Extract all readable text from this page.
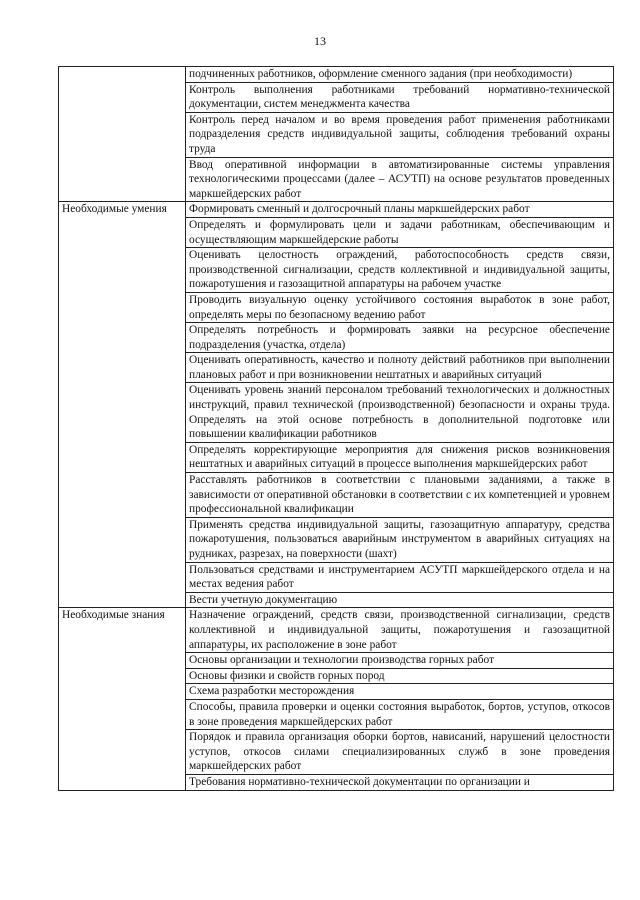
13
	подчиненных работников, оформление сменного задания (при необходимости)
	Контроль выполнения работниками требований нормативно-технической документации, систем менеджмента качества
	Контроль перед началом и во время проведения работ применения работниками подразделения средств индивидуальной защиты, соблюдения требований охраны труда
	Ввод оперативной информации в автоматизированные системы управления технологическими процессами (далее – АСУТП) на основе результатов проведенных маркшейдерских работ
Необходимые умения	Формировать сменный и долгосрочный планы маркшейдерских работ
	Определять и формулировать цели и задачи работникам, обеспечивающим и осуществляющим маркшейдерские работы
	Оценивать целостность ограждений, работоспособность средств связи, производственной сигнализации, средств коллективной и индивидуальной защиты, пожаротушения и газозащитной аппаратуры на рабочем участке
	Проводить визуальную оценку устойчивого состояния выработок в зоне работ, определять меры по безопасному ведению работ
	Определять потребность и формировать заявки на ресурсное обеспечение подразделения (участка, отдела)
	Оценивать оперативность, качество и полноту действий работников при выполнении плановых работ и при возникновении нештатных и аварийных ситуаций
	Оценивать уровень знаний персоналом требований технологических и должностных инструкций, правил технической (производственной) безопасности и охраны труда. Определять на этой основе потребность в дополнительной подготовке или повышении квалификации работников
	Определять корректирующие мероприятия для снижения рисков возникновения нештатных и аварийных ситуаций в процессе выполнения маркшейдерских работ
	Расставлять работников в соответствии с плановыми заданиями, а также в зависимости от оперативной обстановки в соответствии с их компетенцией и уровнем профессиональной квалификации
	Применять средства индивидуальной защиты, газозащитную аппаратуру, средства пожаротушения, пользоваться аварийным инструментом в аварийных ситуациях на рудниках, разрезах, на поверхности (шахт)
	Пользоваться средствами и инструментарием АСУТП маркшейдерского отдела и на местах ведения работ
	Вести учетную документацию
Необходимые знания	Назначение ограждений, средств связи, производственной сигнализации, средств коллективной и индивидуальной защиты, пожаротушения и газозащитной аппаратуры, их расположение в зоне работ
	Основы организации и технологии производства горных работ
	Основы физики и свойств горных пород
	Схема разработки месторождения
	Способы, правила проверки и оценки состояния выработок, бортов, уступов, откосов в зоне проведения маркшейдерских работ
	Порядок и правила организация оборки бортов, нависаний, нарушений целостности уступов, откосов силами специализированных служб в зоне проведения маркшейдерских работ
	Требования нормативно-технической документации по организации и
